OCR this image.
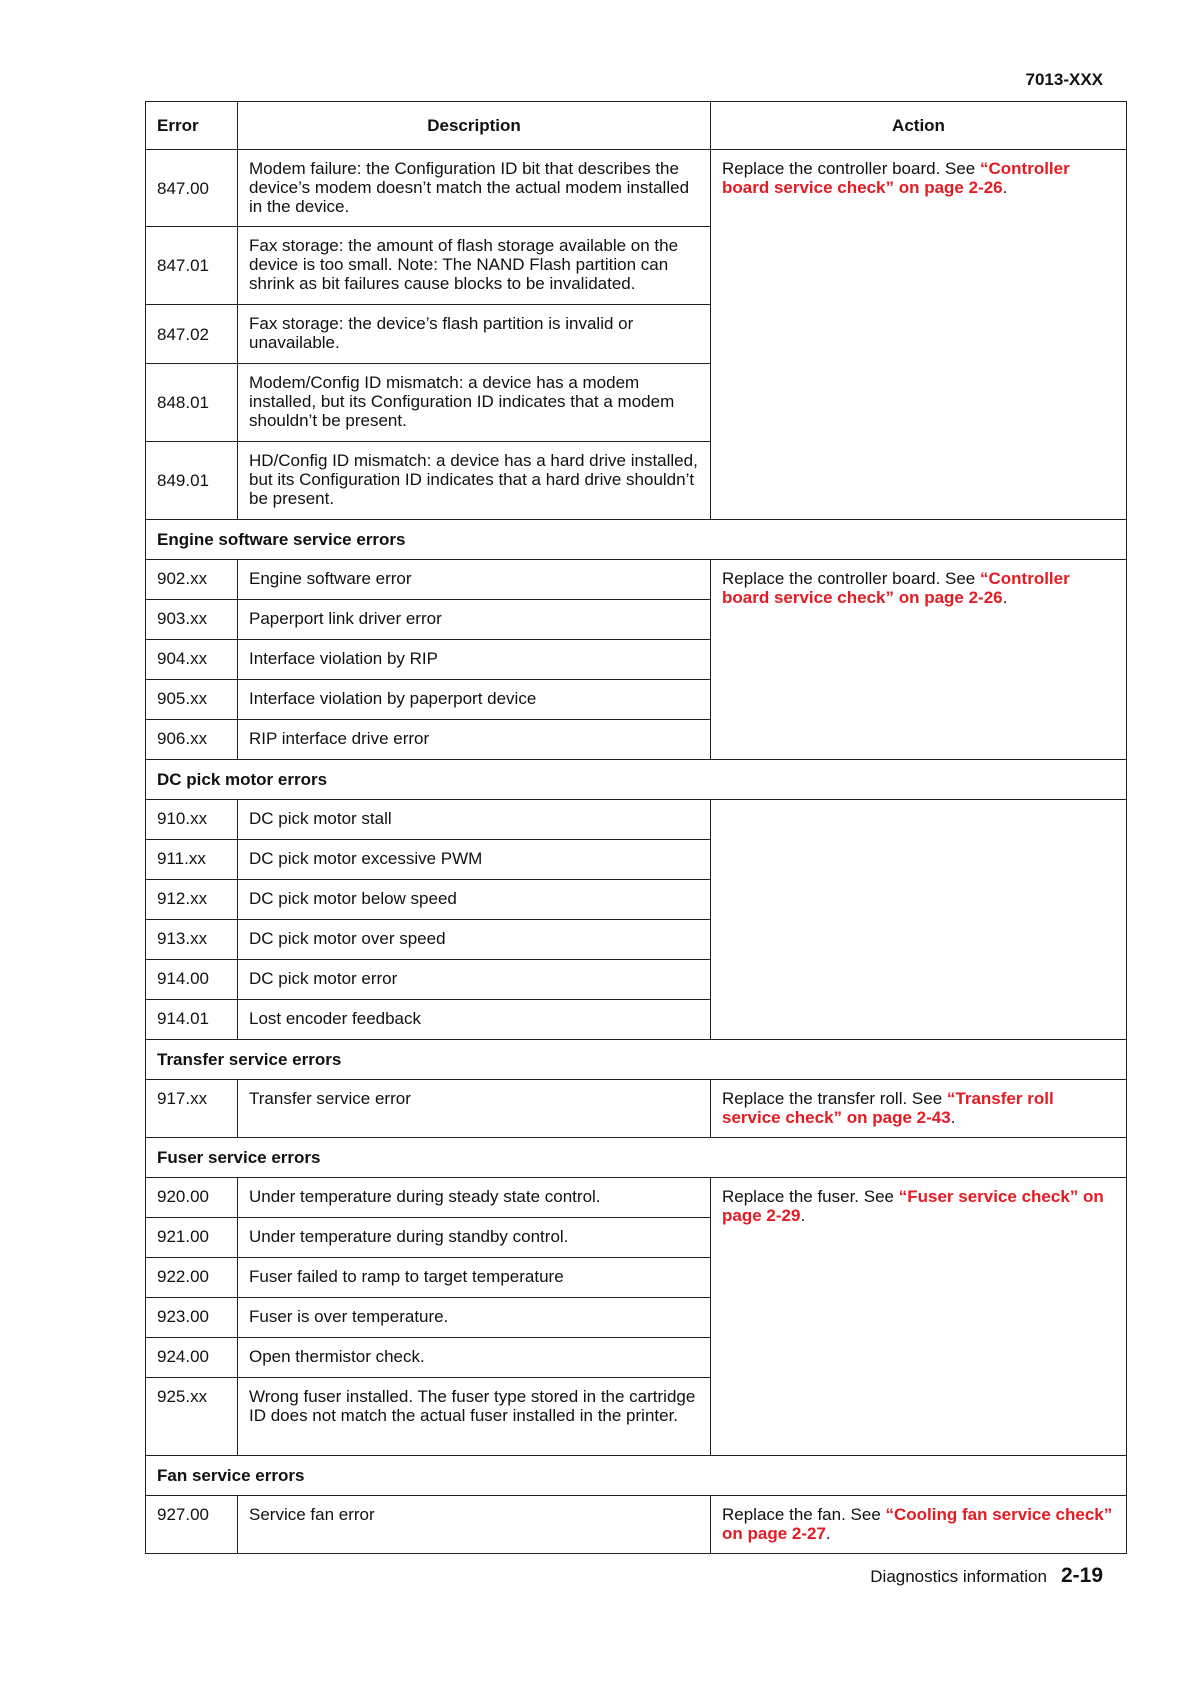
7013-XXX
Error	Description	Action
847.00	Modem failure: the Configuration ID bit that describes the device’s modem doesn’t match the actual modem installed in the device.	Replace the controller board. See “Controller board service check” on page 2-26.
847.01	Fax storage: the amount of flash storage available on the device is too small. Note: The NAND Flash partition can shrink as bit failures cause blocks to be invalidated.	
847.02	Fax storage: the device’s flash partition is invalid or unavailable.	
848.01	Modem/Config ID mismatch: a device has a modem installed, but its Configuration ID indicates that a modem shouldn’t be present.	
849.01	HD/Config ID mismatch: a device has a hard drive installed, but its Configuration ID indicates that a hard drive shouldn’t be present.	
Engine software service errors		
902.xx	Engine software error	Replace the controller board. See “Controller board service check” on page 2-26.
903.xx	Paperport link driver error	
904.xx	Interface violation by RIP	
905.xx	Interface violation by paperport device	
906.xx	RIP interface drive error	
DC pick motor errors		
910.xx	DC pick motor stall	
911.xx	DC pick motor excessive PWM	
912.xx	DC pick motor below speed	
913.xx	DC pick motor over speed	
914.00	DC pick motor error	
914.01	Lost encoder feedback	
Transfer service errors		
917.xx	Transfer service error	Replace the transfer roll. See “Transfer roll service check” on page 2-43.
Fuser service errors		
920.00	Under temperature during steady state control.	Replace the fuser. See “Fuser service check” on page 2-29.
921.00	Under temperature during standby control.	
922.00	Fuser failed to ramp to target temperature	
923.00	Fuser is over temperature.	
924.00	Open thermistor check.	
925.xx	Wrong fuser installed. The fuser type stored in the cartridge ID does not match the actual fuser installed in the printer.	
Fan service errors		
927.00	Service fan error	Replace the fan. See “Cooling fan service check” on page 2-27.
Diagnostics information 2-19
